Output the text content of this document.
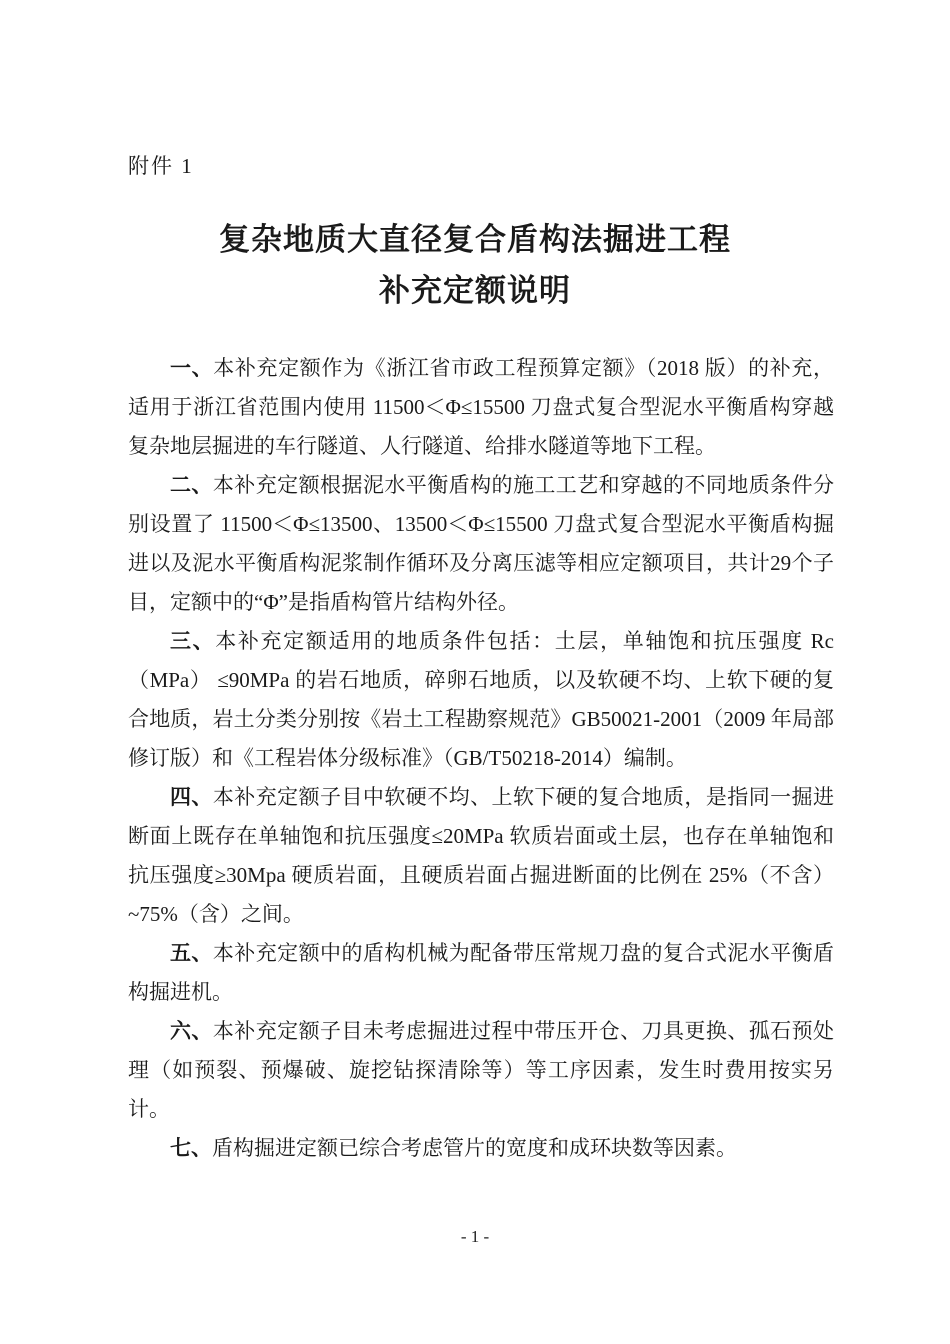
附件 1
复杂地质大直径复合盾构法掘进工程
补充定额说明

一、本补充定额作为《浙江省市政工程预算定额》（2018 版）的补充，适用于浙江省范围内使用 11500＜Φ≤15500 刀盘式复合型泥水平衡盾构穿越复杂地层掘进的车行隧道、人行隧道、给排水隧道等地下工程。

二、本补充定额根据泥水平衡盾构的施工工艺和穿越的不同地质条件分别设置了 11500＜Φ≤13500、13500＜Φ≤15500 刀盘式复合型泥水平衡盾构掘进以及泥水平衡盾构泥浆制作循环及分离压滤等相应定额项目，共计29个子目，定额中的“Φ”是指盾构管片结构外径。

三、本补充定额适用的地质条件包括：土层，单轴饱和抗压强度 Rc（MPa） ≤90MPa 的岩石地质，碎卵石地质，以及软硬不均、上软下硬的复合地质，岩土分类分别按《岩土工程勘察规范》GB50021-2001（2009 年局部修订版）和《工程岩体分级标准》（GB/T50218-2014）编制。

四、本补充定额子目中软硬不均、上软下硬的复合地质，是指同一掘进断面上既存在单轴饱和抗压强度≤20MPa 软质岩面或土层，也存在单轴饱和抗压强度≥30Mpa 硬质岩面，且硬质岩面占掘进断面的比例在 25%（不含）~75%（含）之间。

五、本补充定额中的盾构机械为配备带压常规刀盘的复合式泥水平衡盾构掘进机。

六、本补充定额子目未考虑掘进过程中带压开仓、刀具更换、孤石预处理（如预裂、预爆破、旋挖钻探清除等）等工序因素，发生时费用按实另计。

七、盾构掘进定额已综合考虑管片的宽度和成环块数等因素。

- 1 -
